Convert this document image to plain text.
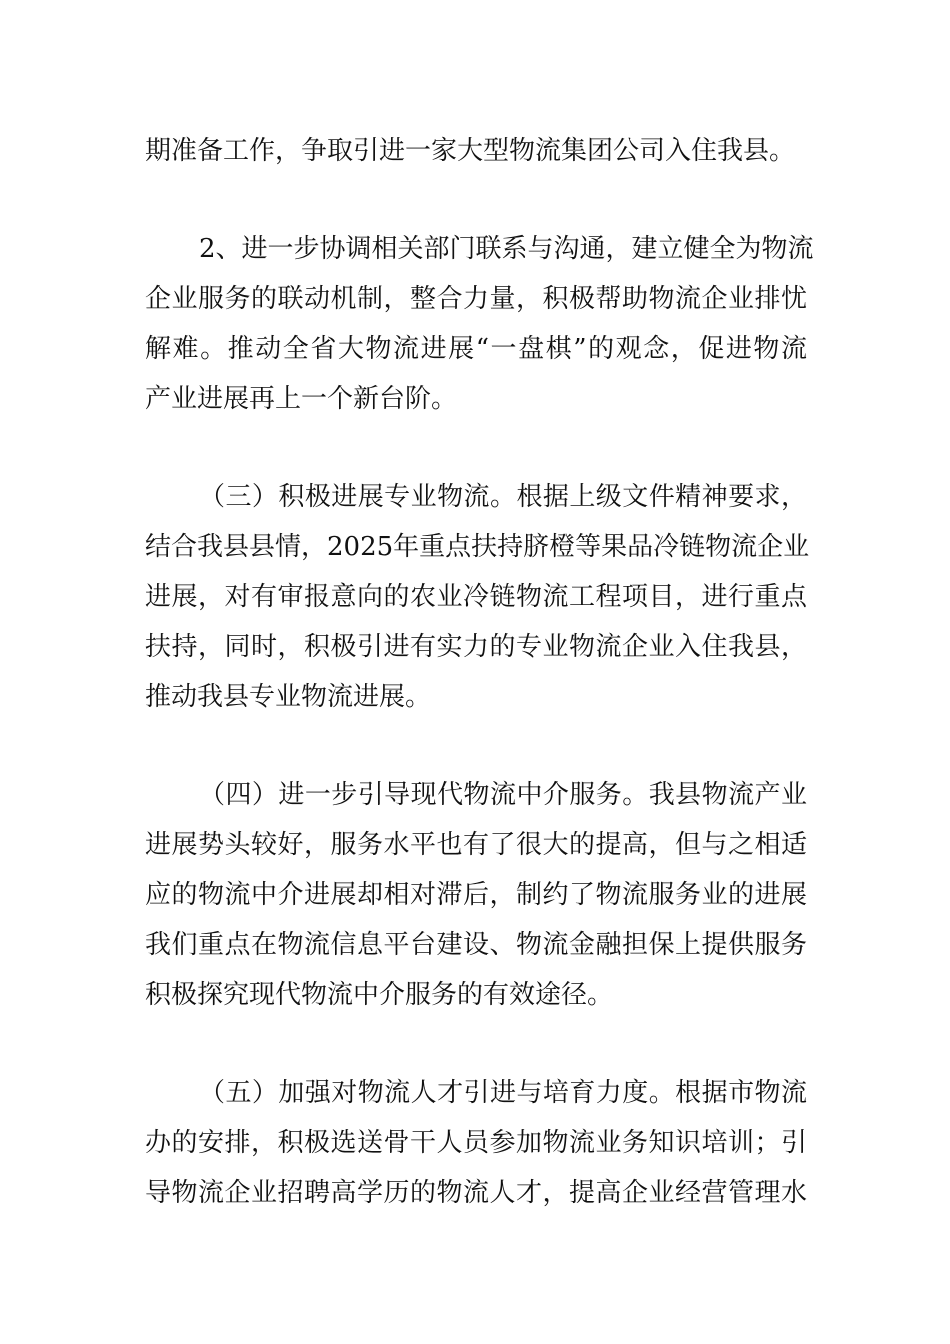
期准备工作，争取引进一家大型物流集团公司入住我县。
2、进一步协调相关部门联系与沟通，建立健全为物流
企业服务的联动机制，整合力量，积极帮助物流企业排忧
解难。推动全省大物流进展“一盘棋”的观念，促进物流
产业进展再上一个新台阶。
（三）积极进展专业物流。根据上级文件精神要求，
结合我县县情，2025年重点扶持脐橙等果品冷链物流企业
进展，对有审报意向的农业冷链物流工程项目，进行重点
扶持，同时，积极引进有实力的专业物流企业入住我县，
推动我县专业物流进展。
（四）进一步引导现代物流中介服务。我县物流产业
进展势头较好，服务水平也有了很大的提高，但与之相适
应的物流中介进展却相对滞后，制约了物流服务业的进展
我们重点在物流信息平台建设、物流金融担保上提供服务
积极探究现代物流中介服务的有效途径。
（五）加强对物流人才引进与培育力度。根据市物流
办的安排，积极选送骨干人员参加物流业务知识培训；引
导物流企业招聘高学历的物流人才，提高企业经营管理水
